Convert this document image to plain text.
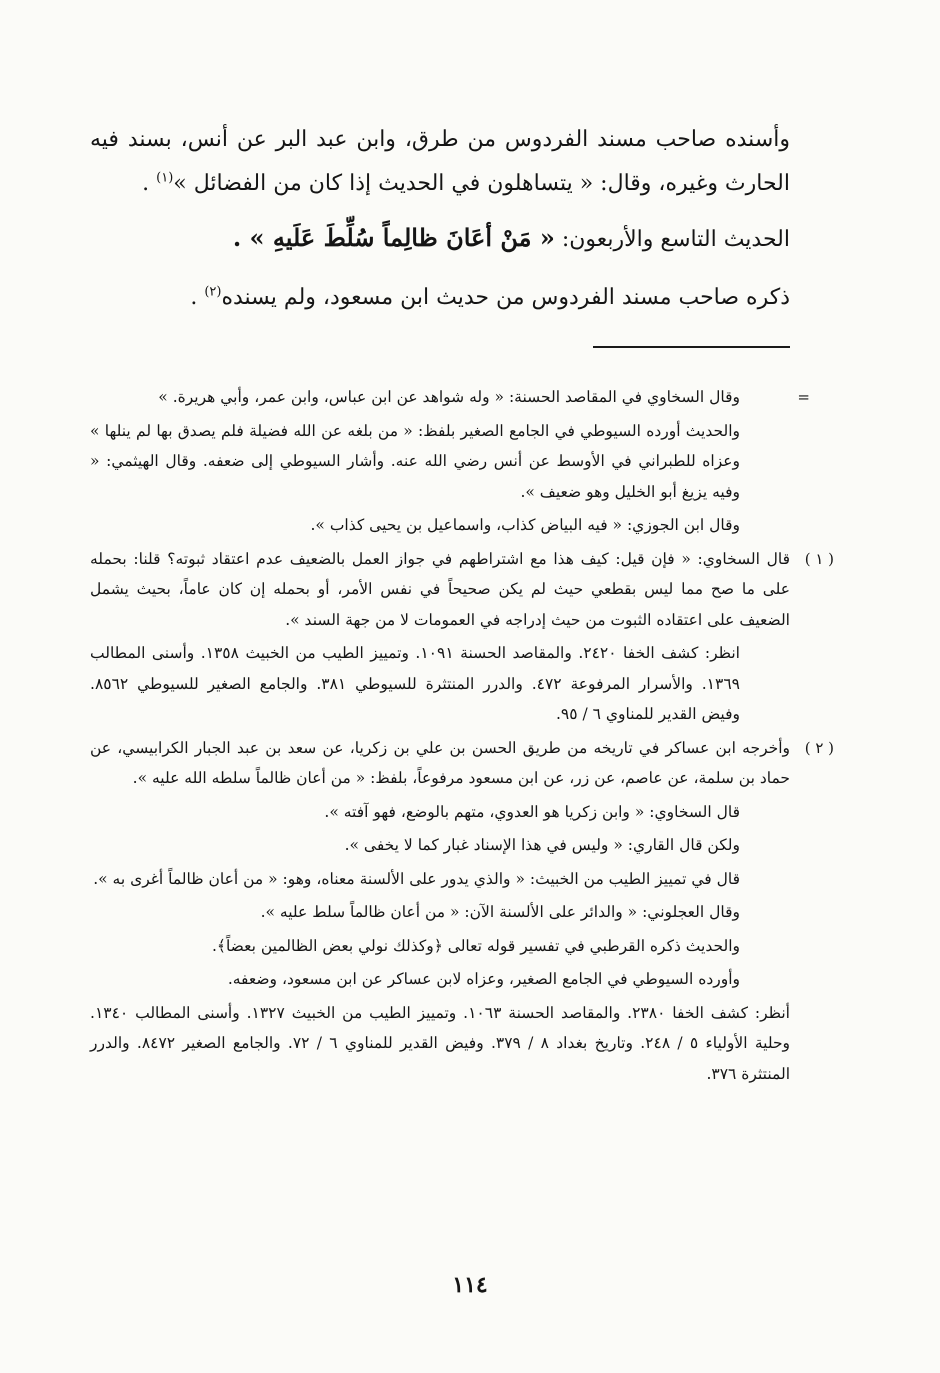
وأسنده صاحب مسند الفردوس من طرق، وابن عبد البر عن أنس، بسند فيه الحارث وغيره، وقال: « يتساهلون في الحديث إذا كان من الفضائل »$^{(١)}$ .

الحديث التاسع والأربعون: « مَنْ أعَانَ ظالِماً سُلِّطَ عَلَيهِ » .

ذكره صاحب مسند الفردوس من حديث ابن مسعود، ولم يسنده$^{(٢)}$ .

=
وقال السخاوي في المقاصد الحسنة: « وله شواهد عن ابن عباس، وابن عمر، وأبي هريرة. »
والحديث أورده السيوطي في الجامع الصغير بلفظ: « من بلغه عن الله فضيلة فلم يصدق بها لم ينلها » وعزاه للطبراني في الأوسط عن أنس رضي الله عنه. وأشار السيوطي إلى ضعفه. وقال الهيثمي: « وفيه يزيغ أبو الخليل وهو ضعيف ».
وقال ابن الجوزي: « فيه البياض كذاب، واسماعيل بن يحيى كذاب ».
( ١ )
قال السخاوي: « فإن قيل: كيف هذا مع اشتراطهم في جواز العمل بالضعيف عدم اعتقاد ثبوته؟ قلنا: بحمله على ما صح مما ليس بقطعي حيث لم يكن صحيحاً في نفس الأمر، أو بحمله إن كان عاماً، بحيث يشمل الضعيف على اعتقاده الثبوت من حيث إدراجه في العمومات لا من جهة السند ».
انظر: كشف الخفا ٢٤٢٠. والمقاصد الحسنة ١٠٩١. وتمييز الطيب من الخبيث ١٣٥٨. وأسنى المطالب ١٣٦٩. والأسرار المرفوعة ٤٧٢. والدرر المنتثرة للسيوطي ٣٨١. والجامع الصغير للسيوطي ٨٥٦٢. وفيض القدير للمناوي ٦ / ٩٥.
( ٢ )
وأخرجه ابن عساكر في تاريخه من طريق الحسن بن علي بن زكريا، عن سعد بن عبد الجبار الكرابيسي، عن حماد بن سلمة، عن عاصم، عن زر، عن ابن مسعود مرفوعاً، بلفظ: « من أعان ظالماً سلطه الله عليه ».
قال السخاوي: « وابن زكريا هو العدوي، متهم بالوضع، فهو آفته ».
ولكن قال القاري: « وليس في هذا الإسناد غبار كما لا يخفى ».
قال في تمييز الطيب من الخبيث: « والذي يدور على الألسنة معناه، وهو: « من أعان ظالماً أغرى به ».
وقال العجلوني: « والدائر على الألسنة الآن: « من أعان ظالماً سلط عليه ».
والحديث ذكره القرطبي في تفسير قوله تعالى ﴿وكذلك نولي بعض الظالمين بعضاً﴾.
وأورده السيوطي في الجامع الصغير، وعزاه لابن عساكر عن ابن مسعود، وضعفه.
أنظر: كشف الخفا ٢٣٨٠. والمقاصد الحسنة ١٠٦٣. وتمييز الطيب من الخبيث ١٣٢٧. وأسنى المطالب ١٣٤٠. وحلية الأولياء ٥ / ٢٤٨. وتاريخ بغداد ٨ / ٣٧٩. وفيض القدير للمناوي ٦ / ٧٢. والجامع الصغير ٨٤٧٢. والدرر المنتثرة ٣٧٦.
١١٤
